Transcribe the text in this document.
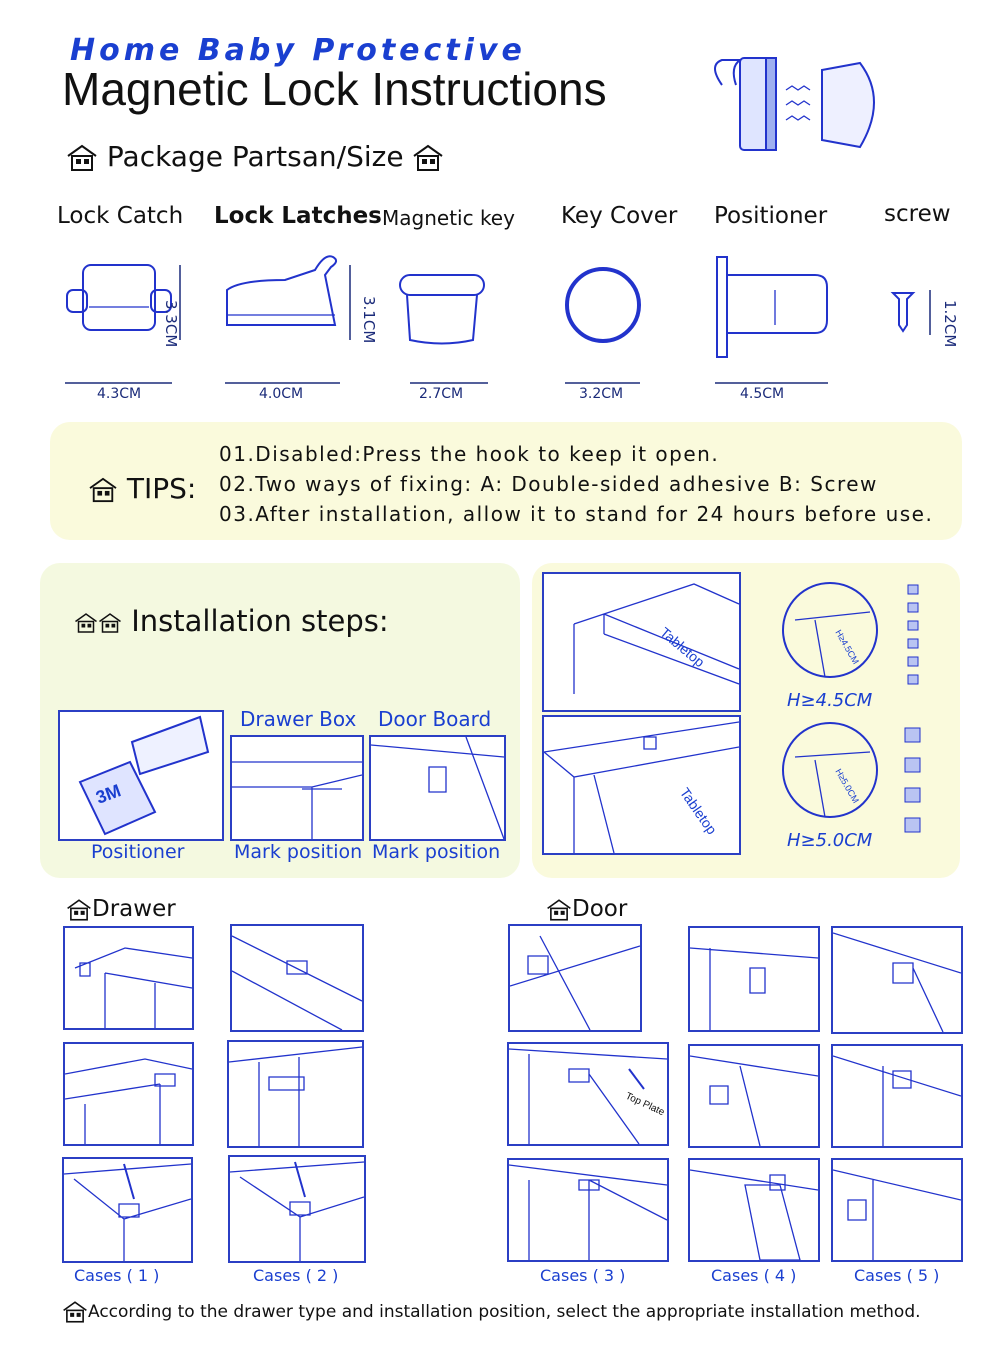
Home Baby Protective
Magnetic Lock Instructions
Package Partsan/Size
Lock Catch Lock Latches Magnetic key Key Cover Positioner screw
3.3CM	3.1CM	1.2CM
4.3CM	4.0CM	2.7CM	3.2CM	4.5CM
TIPS:
01.Disabled:Press the hook to keep it open.
02.Two ways of fixing: A: Double-sided adhesive B: Screw
03.After installation, allow it to stand for 24 hours before use.
Installation steps:
Drawer Box Door Board
3M
Positioner	Mark position Mark position
Tabletop
Tabletop
H≥4.5CM
H≥5.0CM
H≥4.5CM
H≥5.0CM
Drawer	Door
Cases ( 1 )	Cases ( 2 )
Top Plate
Cases ( 3 )	Cases ( 4 )	Cases ( 5 )
According to the drawer type and installation position, select the appropriate installation method.
